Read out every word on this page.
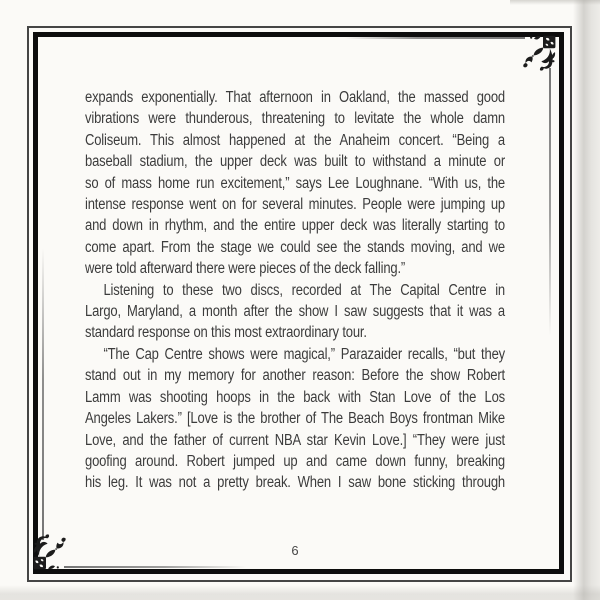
expands exponentially. That afternoon in Oakland, the massed good
vibrations were thunderous, threatening to levitate the whole damn
Coliseum. This almost happened at the Anaheim concert. “Being a
baseball stadium, the upper deck was built to withstand a minute or
so of mass home run excitement,” says Lee Loughnane. “With us, the
intense response went on for several minutes. People were jumping up
and down in rhythm, and the entire upper deck was literally starting to
come apart. From the stage we could see the stands moving, and we
were told afterward there were pieces of the deck falling.”
Listening to these two discs, recorded at The Capital Centre in
Largo, Maryland, a month after the show I saw suggests that it was a
standard response on this most extraordinary tour.
“The Cap Centre shows were magical,” Parazaider recalls, “but they
stand out in my memory for another reason: Before the show Robert
Lamm was shooting hoops in the back with Stan Love of the Los
Angeles Lakers.” [Love is the brother of The Beach Boys frontman Mike
Love, and the father of current NBA star Kevin Love.] “They were just
goofing around. Robert jumped up and came down funny, breaking
his leg. It was not a pretty break. When I saw bone sticking through
6
